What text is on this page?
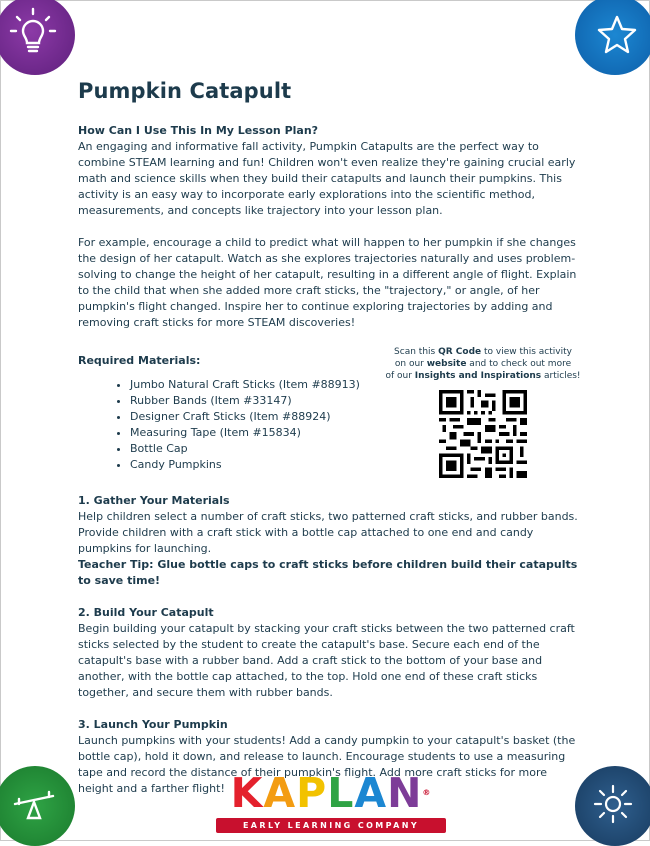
Pumpkin Catapult
How Can I Use This In My Lesson Plan?

An engaging and informative fall activity, Pumpkin Catapults are the perfect way to combine STEAM learning and fun! Children won't even realize they're gaining crucial early math and science skills when they build their catapults and launch their pumpkins. This activity is an easy way to incorporate early explorations into the scientific method, measurements, and concepts like trajectory into your lesson plan.

For example, encourage a child to predict what will happen to her pumpkin if she changes the design of her catapult. Watch as she explores trajectories naturally and uses problem-solving to change the height of her catapult, resulting in a different angle of flight. Explain to the child that when she added more craft sticks, the "trajectory," or angle, of her pumpkin's flight changed. Inspire her to continue exploring trajectories by adding and removing craft sticks for more STEAM discoveries!

Required Materials:
• Jumbo Natural Craft Sticks (Item #88913)
• Rubber Bands (Item #33147)
• Designer Craft Sticks (Item #88924)
• Measuring Tape (Item #15834)
• Bottle Cap
• Candy Pumpkins
Scan this QR Code to view this activity
on our website and to check out more
of our Insights and Inspirations articles!
1. Gather Your Materials

Help children select a number of craft sticks, two patterned craft sticks, and rubber bands. Provide children with a craft stick with a bottle cap attached to one end and candy pumpkins for launching.

Teacher Tip: Glue bottle caps to craft sticks before children build their catapults to save time!

2. Build Your Catapult

Begin building your catapult by stacking your craft sticks between the two patterned craft sticks selected by the student to create the catapult's base. Secure each end of the catapult's base with a rubber band. Add a craft stick to the bottom of your base and another, with the bottle cap attached, to the top. Hold one end of these craft sticks together, and secure them with rubber bands.

3. Launch Your Pumpkin

Launch pumpkins with your students! Add a candy pumpkin to your catapult's basket (the bottle cap), hold it down, and release to launch. Encourage students to use a measuring tape and record the distance of their pumpkin's flight. Add more craft sticks for more height and a farther flight! K A P L A N ®
EARLY LEARNING COMPANY
